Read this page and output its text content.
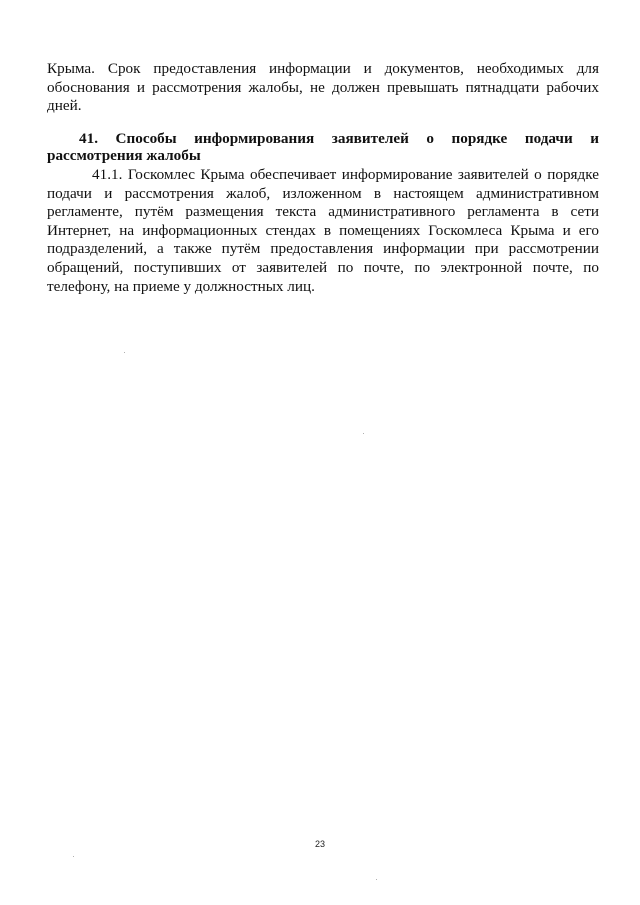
Крыма. Срок предоставления информации и документов, необходимых для
обоснования и рассмотрения жалобы, не должен превышать пятнадцати рабочих
дней.
41. Способы информирования заявителей о порядке подачи и
рассмотрения жалобы
41.1. Госкомлес Крыма обеспечивает информирование заявителей о порядке
подачи и рассмотрения жалоб, изложенном в настоящем административном
регламенте, путём размещения текста административного регламента в сети
Интернет, на информационных стендах в помещениях Госкомлеса Крыма и его
подразделений, а также путём предоставления информации при рассмотрении
обращений, поступивших от заявителей по почте, по электронной почте, по
телефону, на приеме у должностных лиц.
23
